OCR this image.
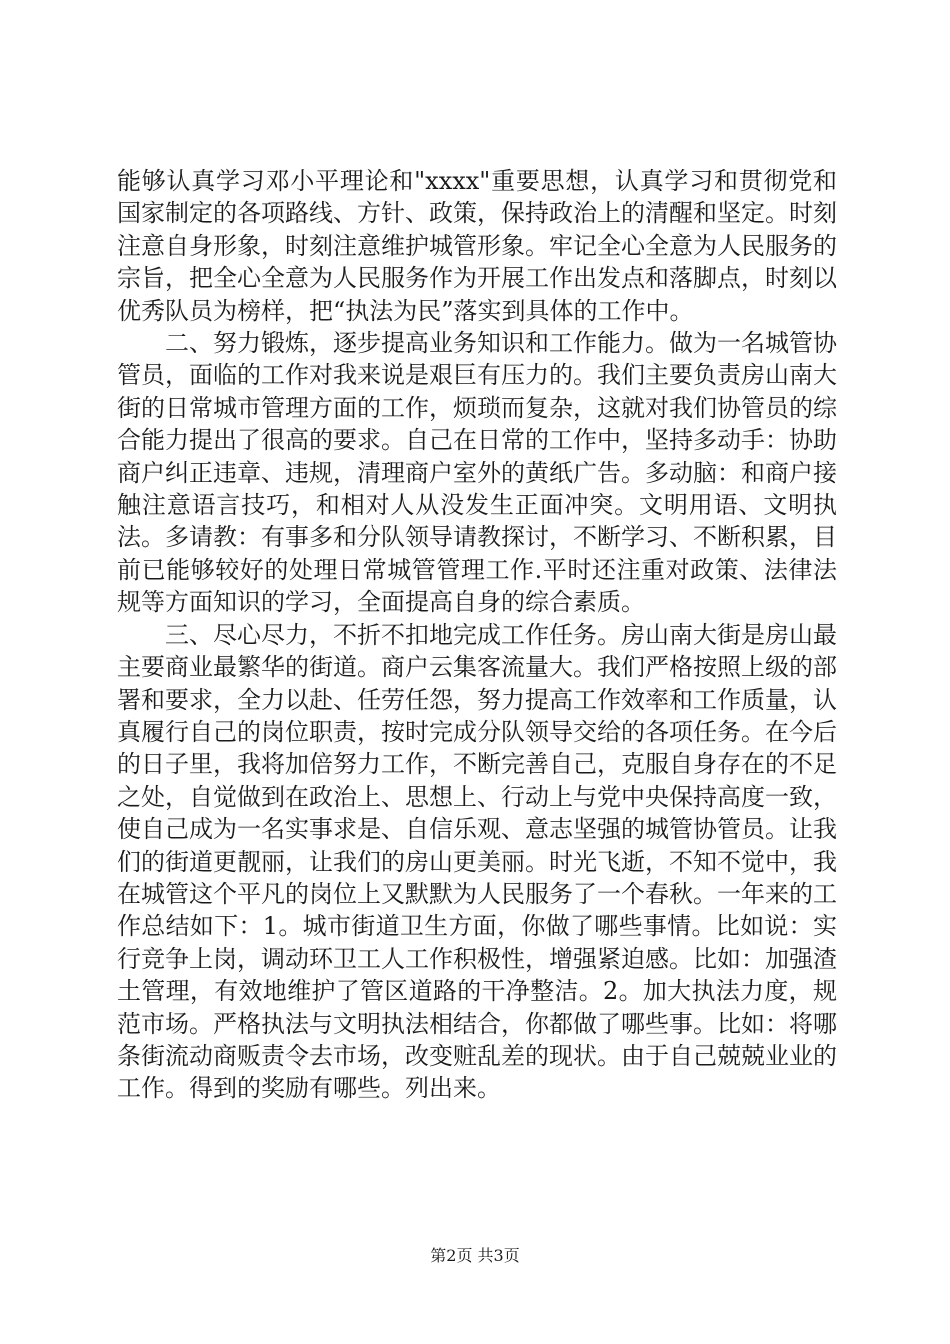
能够认真学习邓小平理论和"xxxx"重要思想，认真学习和贯彻党和国家制定的各项路线、方针、政策，保持政治上的清醒和坚定。时刻注意自身形象，时刻注意维护城管形象。牢记全心全意为人民服务的宗旨，把全心全意为人民服务作为开展工作出发点和落脚点，时刻以优秀队员为榜样，把“执法为民”落实到具体的工作中。

二、努力锻炼，逐步提高业务知识和工作能力。做为一名城管协管员，面临的工作对我来说是艰巨有压力的。我们主要负责房山南大街的日常城市管理方面的工作，烦琐而复杂，这就对我们协管员的综合能力提出了很高的要求。自己在日常的工作中，坚持多动手：协助商户纠正违章、违规，清理商户室外的黄纸广告。多动脑：和商户接触注意语言技巧，和相对人从没发生正面冲突。文明用语、文明执法。多请教：有事多和分队领导请教探讨，不断学习、不断积累，目前已能够较好的处理日常城管管理工作.平时还注重对政策、法律法规等方面知识的学习，全面提高自身的综合素质。

三、尽心尽力，不折不扣地完成工作任务。房山南大街是房山最主要商业最繁华的街道。商户云集客流量大。我们严格按照上级的部署和要求，全力以赴、任劳任怨，努力提高工作效率和工作质量，认真履行自己的岗位职责，按时完成分队领导交给的各项任务。在今后的日子里，我将加倍努力工作，不断完善自己，克服自身存在的不足之处，自觉做到在政治上、思想上、行动上与党中央保持高度一致，使自己成为一名实事求是、自信乐观、意志坚强的城管协管员。让我们的街道更靓丽，让我们的房山更美丽。时光飞逝，不知不觉中，我在城管这个平凡的岗位上又默默为人民服务了一个春秋。一年来的工作总结如下：1。城市街道卫生方面，你做了哪些事情。比如说：实行竞争上岗，调动环卫工人工作积极性，增强紧迫感。比如：加强渣土管理，有效地维护了管区道路的干净整洁。2。加大执法力度，规范市场。严格执法与文明执法相结合，你都做了哪些事。比如：将哪条街流动商贩责令去市场，改变赃乱差的现状。由于自己兢兢业业的工作。得到的奖励有哪些。列出来。

第2页 共3页
